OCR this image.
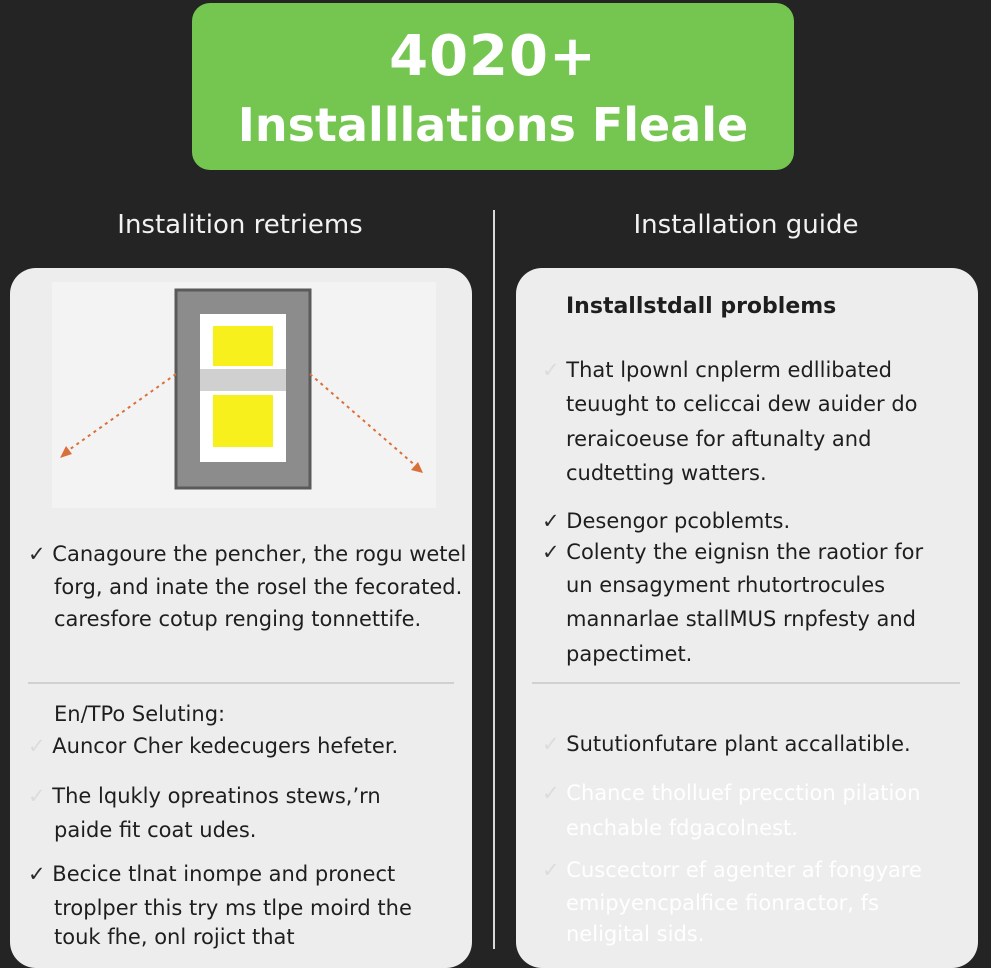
4020+
Installlations Fleale
Instalition retriems	Installation guide
✓ Canagoure the pencher, the rogu wetel
forg, and inate the rosel the fecorated.
caresfore cotup renging tonnettife.
En/TPo Seluting:
✓ Auncor Cher kedecugers hefeter.
✓ The lqukly opreatinos stews,’rn
paide fit coat udes.
✓ Becice tlnat inompe and pronect
troplper this try ms tlpe moird the
touk fhe, onl rojict that
Installstdall problems
✓ That lpownl cnplerm edllibated
teuught to celiccai dew auider do
reraicoeuse for aftunalty and
cudtetting watters.
✓ Desengor pcoblemts.
✓ Colenty the eignisn the raotior for
un ensagyment rhutortrocules
mannarlae stallMUS rnpfesty and
papectimet.
✓ Sututionfutare plant accallatible.
✓ Chance tholluef precction pilation
enchable fdgacolnest.
✓ Cuscectorr ef agenter af fongyare
emipyencpalfice fionractor, fs
neligital sids.
